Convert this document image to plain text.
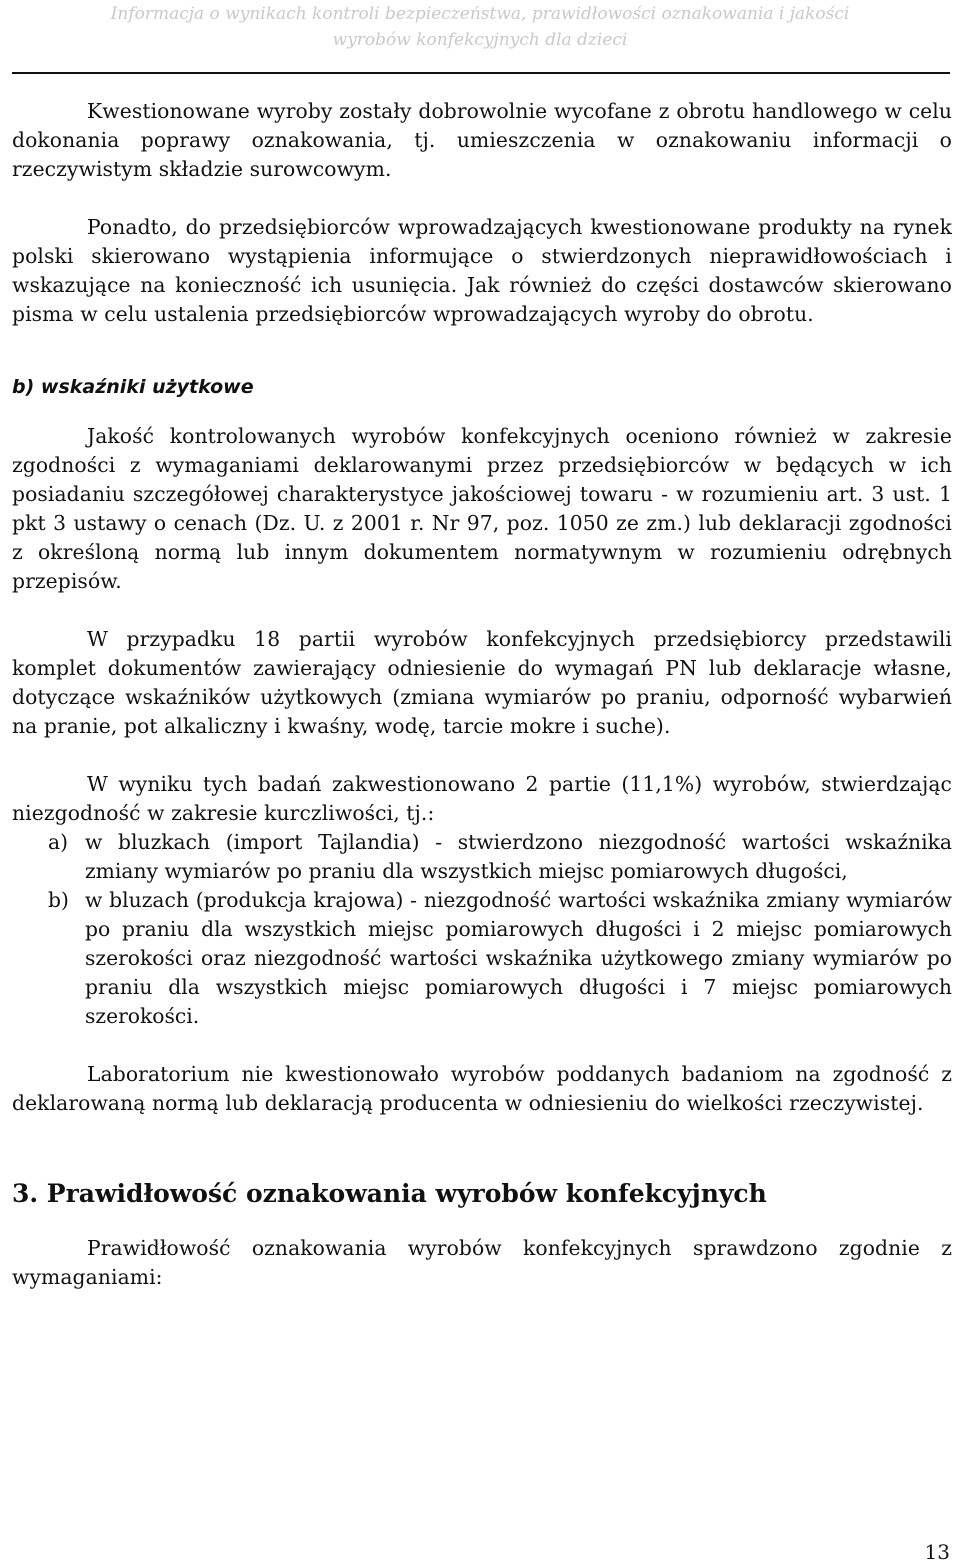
Informacja o wynikach kontroli bezpieczeństwa, prawidłowości oznakowania i jakości
wyrobów konfekcyjnych dla dzieci

Kwestionowane wyroby zostały dobrowolnie wycofane z obrotu handlowego w celu dokonania poprawy oznakowania, tj. umieszczenia w oznakowaniu informacji o rzeczywistym składzie surowcowym.

Ponadto, do przedsiębiorców wprowadzających kwestionowane produkty na rynek polski skierowano wystąpienia informujące o stwierdzonych nieprawidłowościach i wskazujące na konieczność ich usunięcia. Jak również do części dostawców skierowano pisma w celu ustalenia przedsiębiorców wprowadzających wyroby do obrotu.

b) wskaźniki użytkowe

Jakość kontrolowanych wyrobów konfekcyjnych oceniono również w zakresie zgodności z wymaganiami deklarowanymi przez przedsiębiorców w będących w ich posiadaniu szczegółowej charakterystyce jakościowej towaru - w rozumieniu art. 3 ust. 1 pkt 3 ustawy o cenach (Dz. U. z 2001 r. Nr 97, poz. 1050 ze zm.) lub deklaracji zgodności z określoną normą lub innym dokumentem normatywnym w rozumieniu odrębnych przepisów.

W przypadku 18 partii wyrobów konfekcyjnych przedsiębiorcy przedstawili komplet dokumentów zawierający odniesienie do wymagań PN lub deklaracje własne, dotyczące wskaźników użytkowych (zmiana wymiarów po praniu, odporność wybarwień na pranie, pot alkaliczny i kwaśny, wodę, tarcie mokre i suche).

W wyniku tych badań zakwestionowano 2 partie (11,1%) wyrobów, stwierdzając niezgodność w zakresie kurczliwości, tj.:

a) w bluzkach (import Tajlandia) - stwierdzono niezgodność wartości wskaźnika zmiany wymiarów po praniu dla wszystkich miejsc pomiarowych długości,
b) w bluzach (produkcja krajowa) - niezgodność wartości wskaźnika zmiany wymiarów po praniu dla wszystkich miejsc pomiarowych długości i 2 miejsc pomiarowych szerokości oraz niezgodność wartości wskaźnika użytkowego zmiany wymiarów po praniu dla wszystkich miejsc pomiarowych długości i 7 miejsc pomiarowych szerokości.

Laboratorium nie kwestionowało wyrobów poddanych badaniom na zgodność z deklarowaną normą lub deklaracją producenta w odniesieniu do wielkości rzeczywistej.

3. Prawidłowość oznakowania wyrobów konfekcyjnych

Prawidłowość oznakowania wyrobów konfekcyjnych sprawdzono zgodnie z wymaganiami:

13
